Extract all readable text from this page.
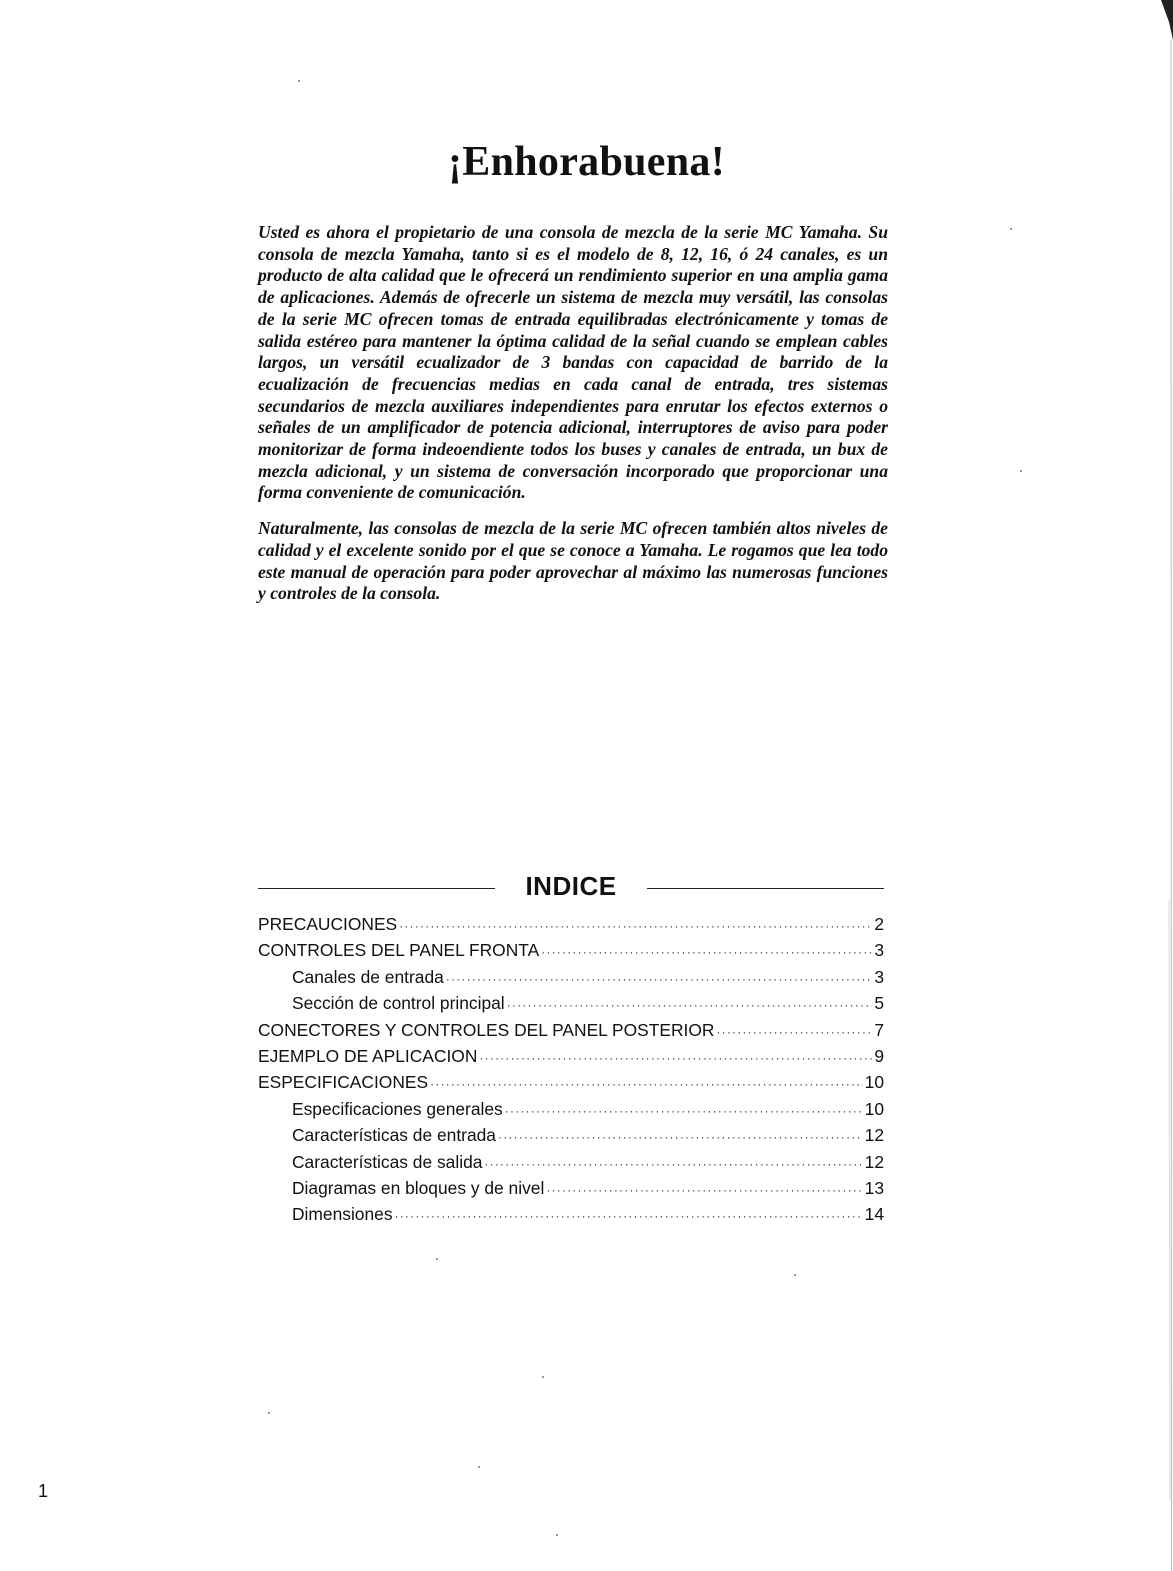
¡Enhorabuena!

Usted es ahora el propietario de una consola de mezcla de la serie MC Yamaha. Su consola de mezcla Yamaha, tanto si es el modelo de 8, 12, 16, ó 24 canales, es un producto de alta calidad que le ofrecerá un rendimiento superior en una amplia gama de aplicaciones. Además de ofrecerle un sistema de mezcla muy versátil, las consolas de la serie MC ofrecen tomas de entrada equilibradas electrónicamente y tomas de salida estéreo para mantener la óptima calidad de la señal cuando se emplean cables largos, un versátil ecualizador de 3 bandas con capacidad de barrido de la ecualización de frecuencias medias en cada canal de entrada, tres sistemas secundarios de mezcla auxiliares independientes para enrutar los efectos externos o señales de un amplificador de potencia adicional, interruptores de aviso para poder monitorizar de forma indeoendiente todos los buses y canales de entrada, un bux de mezcla adicional, y un sistema de conversación incorporado que proporcionar una forma conveniente de comunicación.

Naturalmente, las consolas de mezcla de la serie MC ofrecen también altos niveles de calidad y el excelente sonido por el que se conoce a Yamaha. Le rogamos que lea todo este manual de operación para poder aprovechar al máximo las numerosas funciones y controles de la consola.

INDICE
PRECAUCIONES ·····	2
CONTROLES DEL PANEL FRONTA ·····	3
Canales de entrada ·····	3
Sección de control principal ·····	5
CONECTORES Y CONTROLES DEL PANEL POSTERIOR ·····	7
EJEMPLO DE APLICACION ·····	9
ESPECIFICACIONES ·····	10
Especificaciones generales ·····	10
Características de entrada ·····	12
Características de salida ·····	12
Diagramas en bloques y de nivel ·····	13
Dimensiones ·····	14
1
